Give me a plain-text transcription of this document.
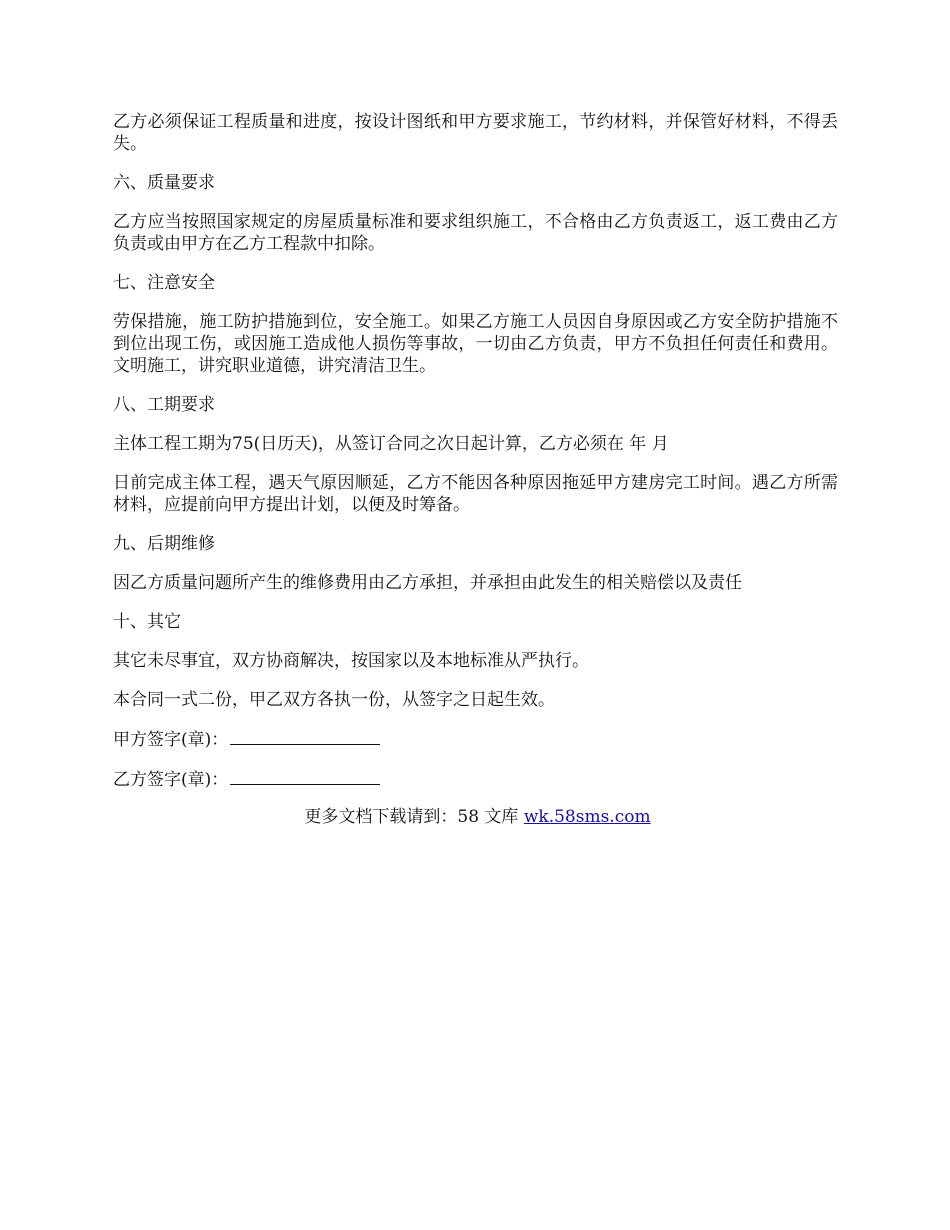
乙方必须保证工程质量和进度，按设计图纸和甲方要求施工，节约材料，并保管好材料，不得丢失。

六、质量要求

乙方应当按照国家规定的房屋质量标准和要求组织施工，不合格由乙方负责返工，返工费由乙方负责或由甲方在乙方工程款中扣除。

七、注意安全

劳保措施，施工防护措施到位，安全施工。如果乙方施工人员因自身原因或乙方安全防护措施不到位出现工伤，或因施工造成他人损伤等事故，一切由乙方负责，甲方不负担任何责任和费用。文明施工，讲究职业道德，讲究清洁卫生。

八、工期要求

主体工程工期为75(日历天)，从签订合同之次日起计算，乙方必须在 年 月

日前完成主体工程，遇天气原因顺延，乙方不能因各种原因拖延甲方建房完工时间。遇乙方所需材料，应提前向甲方提出计划，以便及时筹备。

九、后期维修

因乙方质量问题所产生的维修费用由乙方承担，并承担由此发生的相关赔偿以及责任

十、其它

其它未尽事宜，双方协商解决，按国家以及本地标准从严执行。

本合同一式二份，甲乙双方各执一份，从签字之日起生效。

甲方签字(章)：

乙方签字(章)：

更多文档下载请到：58 文库 wk.58sms.com
